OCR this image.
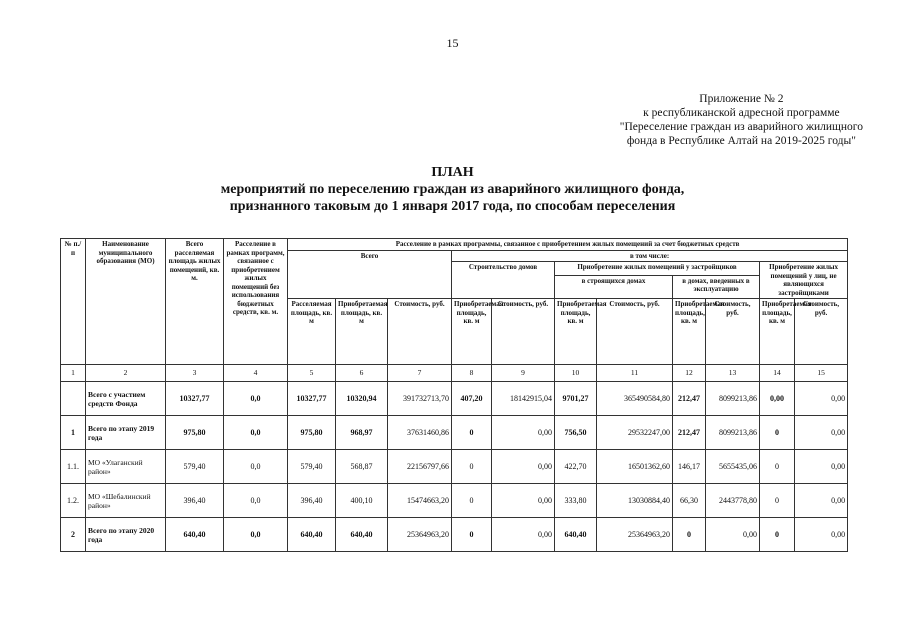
15
Приложение № 2
к республиканской адресной программе
"Переселение граждан из аварийного жилищного
фонда в Республике Алтай на 2019-2025 годы"
ПЛАН
мероприятий по переселению граждан из аварийного жилищного фонда,
признанного таковым до 1 января 2017 года, по способам переселения
№ п./п	Наименование муниципального образования (МО)	Всего расселяемая площадь жилых помещений, кв. м.	Расселение в рамках программ, связанное с приобретением жилых помещений без использования бюджетных средств, кв. м.	Расселение в рамках программы, связанное с приобретением жилых помещений за счет бюджетных средств										
				Всего			в том числе:							
							Строительство домов		Приобретение жилых помещений у застройщиков				Приобретение жилых помещений у лиц, не являющихся застройщиками	
									в строящихся домах		в домах, введенных в эксплуатацию			
				Расселяемая площадь, кв. м	Приобретаемая площадь, кв. м	Стоимость, руб.	Приобретаемая площадь, кв. м	Стоимость, руб.	Приобретаемая площадь, кв. м	Стоимость, руб.	Приобретаемая площадь, кв. м	Стоимость, руб.	Приобретаемая площадь, кв. м	Стоимость, руб.
1	2	3	4	5	6	7	8	9	10	11	12	13	14	15
	Всего с участием средств Фонда	10327,77	0,0	10327,77	10320,94	391732713,70	407,20	18142915,04	9701,27	365490584,80	212,47	8099213,86	0,00	0,00
1	Всего по этапу 2019 года	975,80	0,0	975,80	968,97	37631460,86	0	0,00	756,50	29532247,00	212,47	8099213,86	0	0,00
1.1.	МО «Улаганский район»	579,40	0,0	579,40	568,87	22156797,66	0	0,00	422,70	16501362,60	146,17	5655435,06	0	0,00
1.2.	МО «Шебалинский район»	396,40	0,0	396,40	400,10	15474663,20	0	0,00	333,80	13030884,40	66,30	2443778,80	0	0,00
2	Всего по этапу 2020 года	640,40	0,0	640,40	640,40	25364963,20	0	0,00	640,40	25364963,20	0	0,00	0	0,00
